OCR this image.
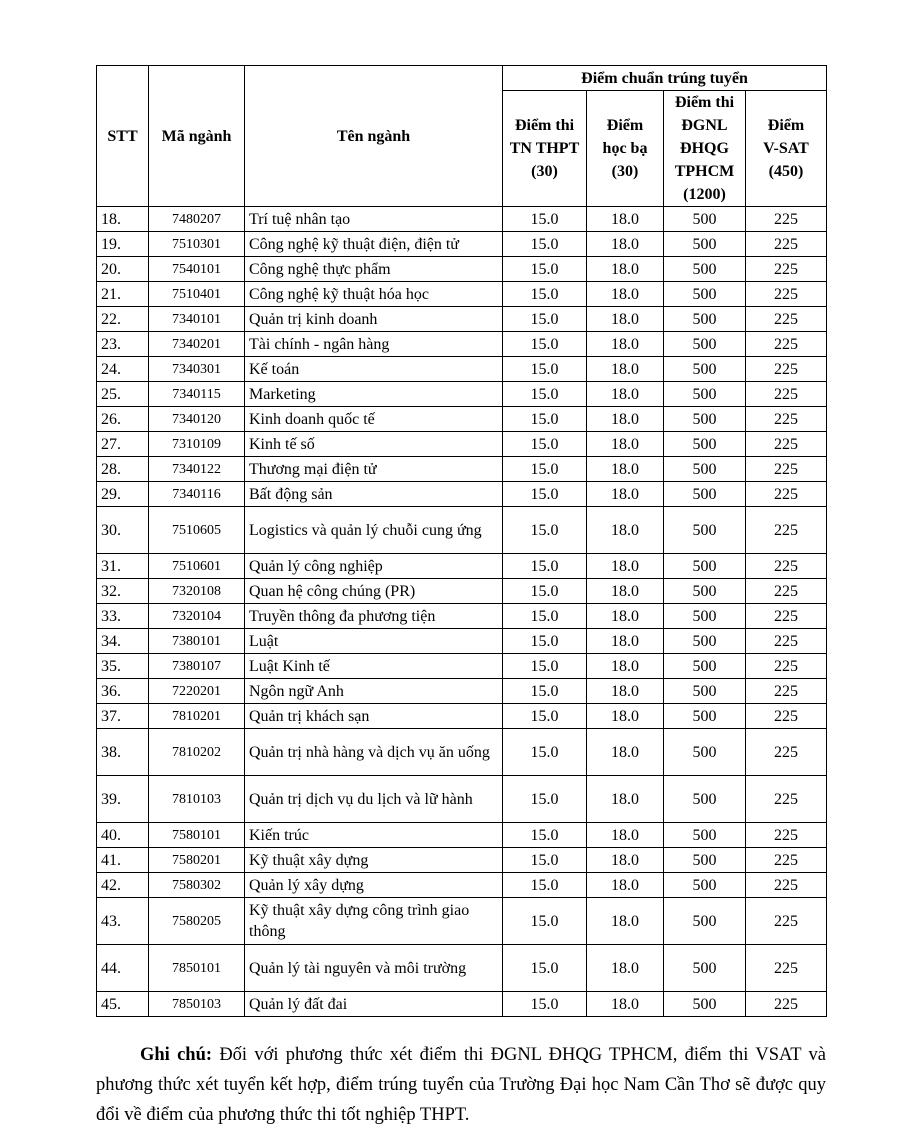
STT	Mã ngành	Tên ngành	Điểm chuẩn trúng tuyển			
			Điểm thi
TN THPT
(30)	Điểm
học bạ
(30)	Điểm thi
ĐGNL
ĐHQG
TPHCM
(1200)	Điểm
V-SAT
(450)
18.	7480207	Trí tuệ nhân tạo	15.0	18.0	500	225
19.	7510301	Công nghệ kỹ thuật điện, điện tử	15.0	18.0	500	225
20.	7540101	Công nghệ thực phẩm	15.0	18.0	500	225
21.	7510401	Công nghệ kỹ thuật hóa học	15.0	18.0	500	225
22.	7340101	Quản trị kinh doanh	15.0	18.0	500	225
23.	7340201	Tài chính - ngân hàng	15.0	18.0	500	225
24.	7340301	Kế toán	15.0	18.0	500	225
25.	7340115	Marketing	15.0	18.0	500	225
26.	7340120	Kinh doanh quốc tế	15.0	18.0	500	225
27.	7310109	Kinh tế số	15.0	18.0	500	225
28.	7340122	Thương mại điện tử	15.0	18.0	500	225
29.	7340116	Bất động sản	15.0	18.0	500	225
30.	7510605	Logistics và quản lý chuỗi cung ứng	15.0	18.0	500	225
31.	7510601	Quản lý công nghiệp	15.0	18.0	500	225
32.	7320108	Quan hệ công chúng (PR)	15.0	18.0	500	225
33.	7320104	Truyền thông đa phương tiện	15.0	18.0	500	225
34.	7380101	Luật	15.0	18.0	500	225
35.	7380107	Luật Kinh tế	15.0	18.0	500	225
36.	7220201	Ngôn ngữ Anh	15.0	18.0	500	225
37.	7810201	Quản trị khách sạn	15.0	18.0	500	225
38.	7810202	Quản trị nhà hàng và dịch vụ ăn uống	15.0	18.0	500	225
39.	7810103	Quản trị dịch vụ du lịch và lữ hành	15.0	18.0	500	225
40.	7580101	Kiến trúc	15.0	18.0	500	225
41.	7580201	Kỹ thuật xây dựng	15.0	18.0	500	225
42.	7580302	Quản lý xây dựng	15.0	18.0	500	225
43.	7580205	Kỹ thuật xây dựng công trình giao thông	15.0	18.0	500	225
44.	7850101	Quản lý tài nguyên và môi trường	15.0	18.0	500	225
45.	7850103	Quản lý đất đai	15.0	18.0	500	225

Ghi chú: Đối với phương thức xét điểm thi ĐGNL ĐHQG TPHCM, điểm thi VSAT và phương thức xét tuyển kết hợp, điểm trúng tuyển của Trường Đại học Nam Cần Thơ sẽ được quy đổi về điểm của phương thức thi tốt nghiệp THPT.
